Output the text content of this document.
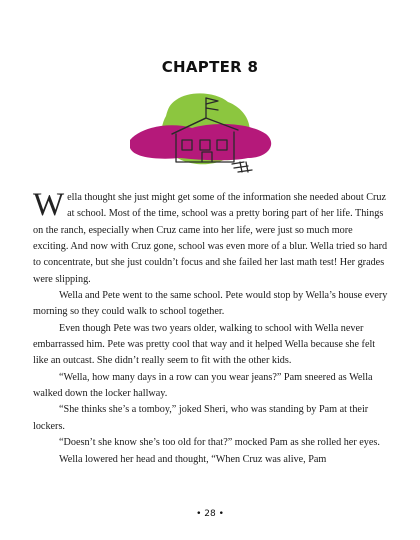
CHAPTER 8

Wella thought she just might get some of the information she needed about Cruz at school. Most of the time, school was a pretty boring part of her life. Things on the ranch, especially when Cruz came into her life, were just so much more exciting. And now with Cruz gone, school was even more of a blur. Wella tried so hard to concentrate, but she just couldn’t focus and she failed her last math test! Her grades were slipping.

Wella and Pete went to the same school. Pete would stop by Wella’s house every morning so they could walk to school together.

Even though Pete was two years older, walking to school with Wella never embarrassed him. Pete was pretty cool that way and it helped Wella because she felt like an outcast. She didn’t really seem to fit with the other kids.

“Wella, how many days in a row can you wear jeans?” Pam sneered as Wella walked down the locker hallway.

“She thinks she’s a tomboy,” joked Sheri, who was standing by Pam at their lockers.

“Doesn’t she know she’s too old for that?” mocked Pam as she rolled her eyes.

Wella lowered her head and thought, “When Cruz was alive, Pam

• 28 •
